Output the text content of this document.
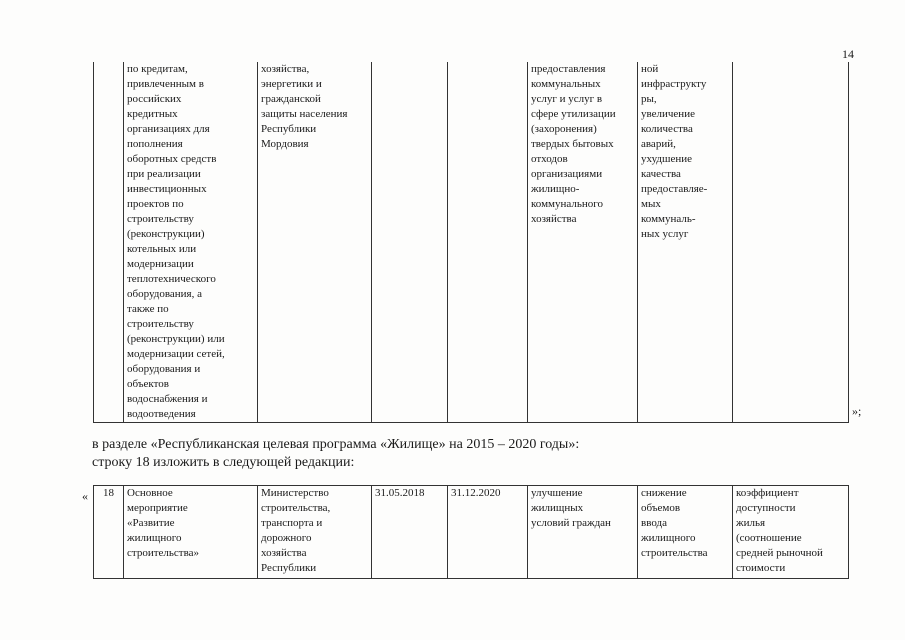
14
	по кредитам,
привлеченным в
российских
кредитных
организациях для
пополнения
оборотных средств
при реализации
инвестиционных
проектов по
строительству
(реконструкции)
котельных или
модернизации
теплотехнического
оборудования, а
также по
строительству
(реконструкции) или
модернизации сетей,
оборудования и
объектов
водоснабжения и
водоотведения	хозяйства,
энергетики и
гражданской
защиты населения
Республики
Мордовия			предоставления
коммунальных
услуг и услуг в
сфере утилизации
(захоронения)
твердых бытовых
отходов
организациями
жилищно-
коммунального
хозяйства	ной
инфраструкту
ры,
увеличение
количества
аварий,
ухудшение
качества
предоставляе-
мых
коммуналь-
ных услуг	
»;
в разделе «Республиканская целевая программа «Жилище» на 2015 – 2020 годы»:
строку 18 изложить в следующей редакции:
« 18	Основное
мероприятие
«Развитие
жилищного
строительства»	Министерство
строительства,
транспорта и
дорожного
хозяйства
Республики	31.05.2018	31.12.2020	улучшение
жилищных
условий граждан	снижение
объемов
ввода
жилищного
строительства	коэффициент
доступности
жилья
(соотношение
средней рыночной
стоимости
